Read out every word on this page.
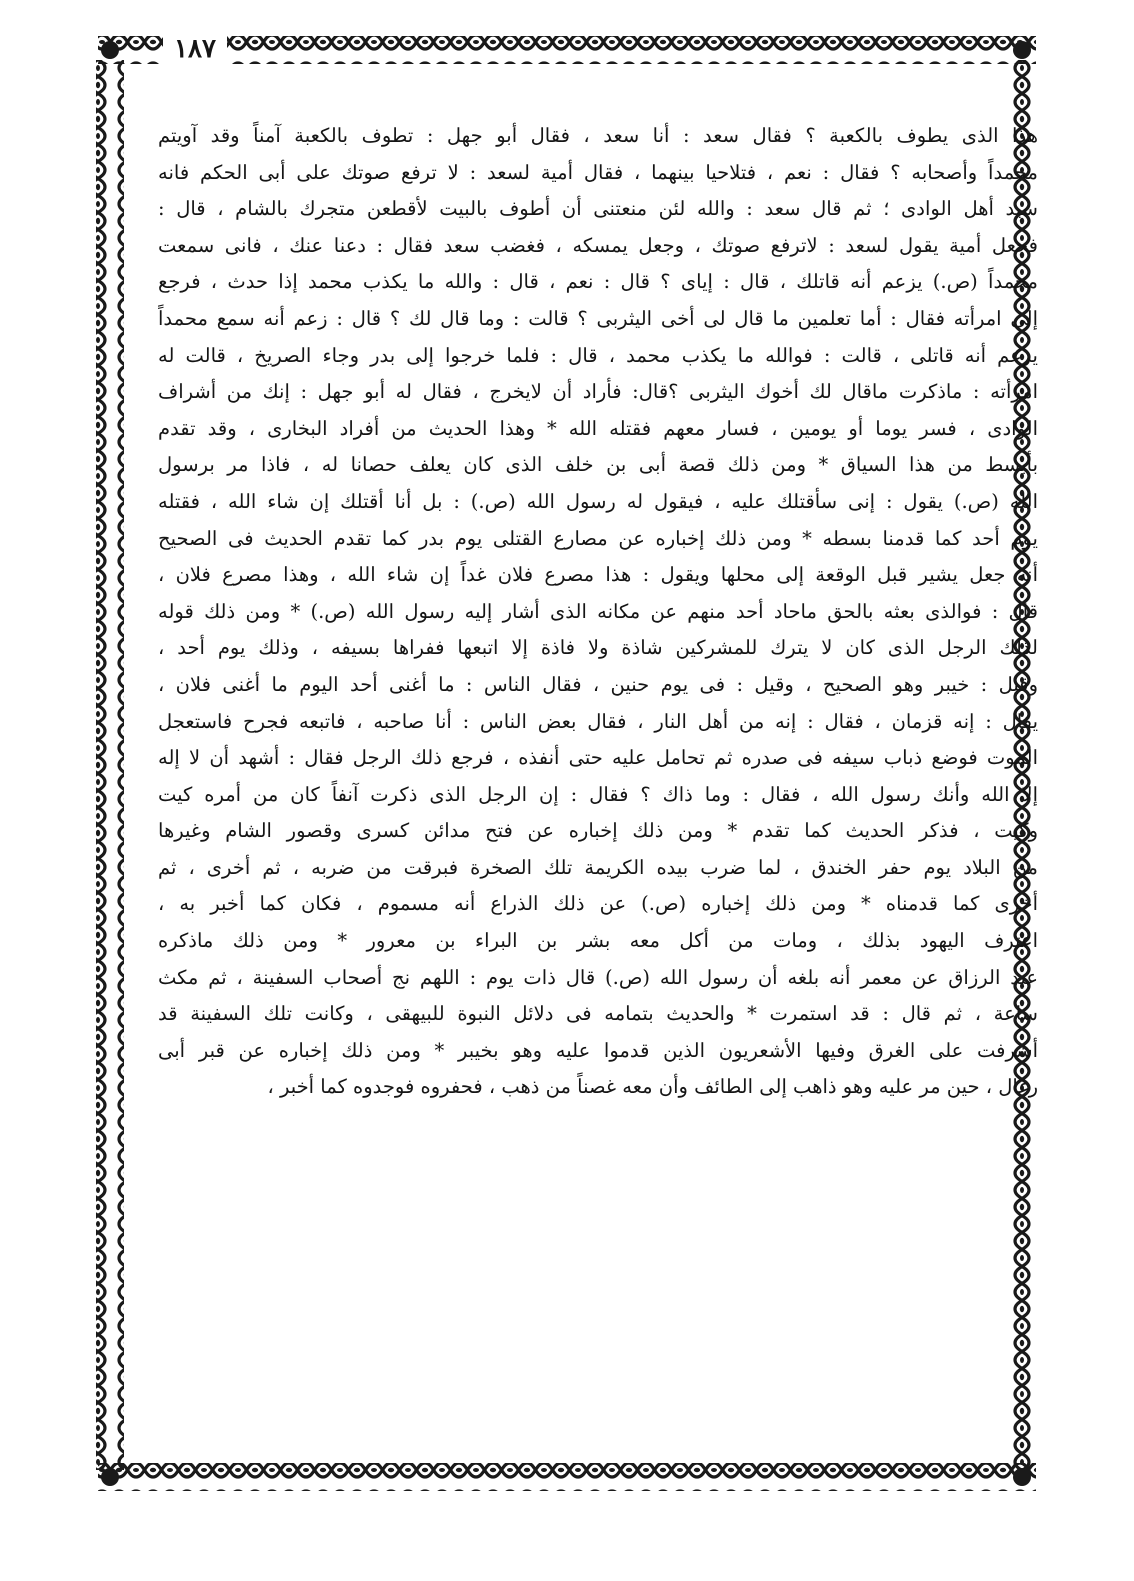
١٨٧
هذا الذى يطوف بالكعبة ؟ فقال سعد : أنا سعد ، فقال أبو جهل : تطوف بالكعبة آمناً وقد آويتم
محمداً وأصحابه ؟ فقال : نعم ، فتلاحيا بينهما ، فقال أمية لسعد : لا ترفع صوتك على أبى الحكم فانه
سيد أهل الوادى ؛ ثم قال سعد : والله لئن منعتنى أن أطوف بالبيت لأقطعن متجرك بالشام ، قال :
فجعل أمية يقول لسعد : لاترفع صوتك ، وجعل يمسكه ، فغضب سعد فقال : دعنا عنك ، فانى سمعت
محمداً (ص.) يزعم أنه قاتلك ، قال : إياى ؟ قال : نعم ، قال : والله ما يكذب محمد إذا حدث ، فرجع
إلى امرأته فقال : أما تعلمين ما قال لى أخى اليثربى ؟ قالت : وما قال لك ؟ قال : زعم أنه سمع محمداً
يزعم أنه قاتلى ، قالت : فوالله ما يكذب محمد ، قال : فلما خرجوا إلى بدر وجاء الصريخ ، قالت له
امرأته : ماذكرت ماقال لك أخوك اليثربى ؟قال: فأراد أن لايخرج ، فقال له أبو جهل : إنك من أشراف
الوادى ، فسر يوما أو يومين ، فسار معهم فقتله الله * وهذا الحديث من أفراد البخارى ، وقد تقدم
بأبسط من هذا السياق * ومن ذلك قصة أبى بن خلف الذى كان يعلف حصانا له ، فاذا مر برسول
الله (ص.) يقول : إنى سأقتلك عليه ، فيقول له رسول الله (ص.) : بل أنا أقتلك إن شاء الله ، فقتله
يوم أحد كما قدمنا بسطه * ومن ذلك إخباره عن مصارع القتلى يوم بدر كما تقدم الحديث فى الصحيح
أنه جعل يشير قبل الوقعة إلى محلها ويقول : هذا مصرع فلان غداً إن شاء الله ، وهذا مصرع فلان ،
قال : فوالذى بعثه بالحق ماحاد أحد منهم عن مكانه الذى أشار إليه رسول الله (ص.) * ومن ذلك قوله
لذلك الرجل الذى كان لا يترك للمشركين شاذة ولا فاذة إلا اتبعها ففراها بسيفه ، وذلك يوم أحد ،
وقيل : خيبر وهو الصحيح ، وقيل : فى يوم حنين ، فقال الناس : ما أغنى أحد اليوم ما أغنى فلان ،
يقال : إنه قزمان ، فقال : إنه من أهل النار ، فقال بعض الناس : أنا صاحبه ، فاتبعه فجرح فاستعجل
الموت فوضع ذباب سيفه فى صدره ثم تحامل عليه حتى أنفذه ، فرجع ذلك الرجل فقال : أشهد أن لا إله
إلا الله وأنك رسول الله ، فقال : وما ذاك ؟ فقال : إن الرجل الذى ذكرت آنفاً كان من أمره كيت
وكيت ، فذكر الحديث كما تقدم * ومن ذلك إخباره عن فتح مدائن كسرى وقصور الشام وغيرها
من البلاد يوم حفر الخندق ، لما ضرب بيده الكريمة تلك الصخرة فبرقت من ضربه ، ثم أخرى ، ثم
أخرى كما قدمناه * ومن ذلك إخباره (ص.) عن ذلك الذراع أنه مسموم ، فكان كما أخبر به ،
اعترف اليهود بذلك ، ومات من أكل معه بشر بن البراء بن معرور * ومن ذلك ماذكره
عبد الرزاق عن معمر أنه بلغه أن رسول الله (ص.) قال ذات يوم : اللهم نج أصحاب السفينة ، ثم مكث
ساعة ، ثم قال : قد استمرت * والحديث بتمامه فى دلائل النبوة للبيهقى ، وكانت تلك السفينة قد
أشرفت على الغرق وفيها الأشعريون الذين قدموا عليه وهو بخيبر * ومن ذلك إخباره عن قبر أبى
رغال ، حين مر عليه وهو ذاهب إلى الطائف وأن معه غصناً من ذهب ، فحفروه فوجدوه كما أخبر ،
